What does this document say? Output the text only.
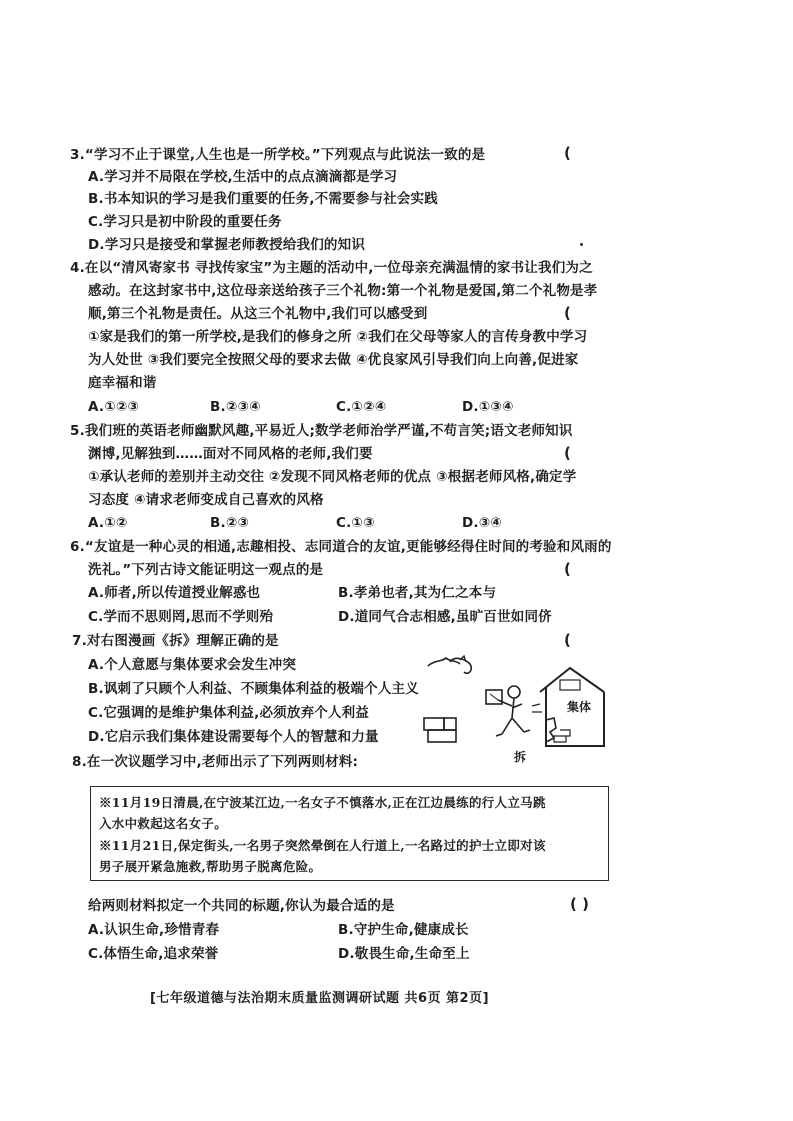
3.“学习不止于课堂,人生也是一所学校。”下列观点与此说法一致的是	(
A.学习并不局限在学校,生活中的点点滴滴都是学习
B.书本知识的学习是我们重要的任务,不需要参与社会实践
C.学习只是初中阶段的重要任务
D.学习只是接受和掌握老师教授给我们的知识
4.在以“清风寄家书 寻找传家宝”为主题的活动中,一位母亲充满温情的家书让我们为之
感动。在这封家书中,这位母亲送给孩子三个礼物:第一个礼物是爱国,第二个礼物是孝
顺,第三个礼物是责任。从这三个礼物中,我们可以感受到	(
①家是我们的第一所学校,是我们的修身之所 ②我们在父母等家人的言传身教中学习
为人处世 ③我们要完全按照父母的要求去做 ④优良家风引导我们向上向善,促进家
庭幸福和谐
A.①②③	B.②③④	C.①②④	D.①③④
5.我们班的英语老师幽默风趣,平易近人;数学老师治学严谨,不苟言笑;语文老师知识
渊博,见解独到……面对不同风格的老师,我们要	(
①承认老师的差别并主动交往 ②发现不同风格老师的优点 ③根据老师风格,确定学
习态度 ④请求老师变成自己喜欢的风格
A.①②	B.②③	C.①③	D.③④
6.“友谊是一种心灵的相通,志趣相投、志同道合的友谊,更能够经得住时间的考验和风雨的
洗礼。”下列古诗文能证明这一观点的是	(
A.师者,所以传道授业解惑也	B.孝弟也者,其为仁之本与
C.学而不思则罔,思而不学则殆	D.道同气合志相感,虽旷百世如同侪
7.对右图漫画《拆》理解正确的是	(
A.个人意愿与集体要求会发生冲突
B.讽刺了只顾个人利益、不顾集体利益的极端个人主义
C.它强调的是维护集体利益,必须放弃个人利益
D.它启示我们集体建设需要每个人的智慧和力量
集体
拆
8.在一次议题学习中,老师出示了下列两则材料:
※11月19日清晨,在宁波某江边,一名女子不慎落水,正在江边晨练的行人立马跳
入水中救起这名女子。
※11月21日,保定街头,一名男子突然晕倒在人行道上,一名路过的护士立即对该
男子展开紧急施救,帮助男子脱离危险。
给两则材料拟定一个共同的标题,你认为最合适的是	( )
A.认识生命,珍惜青春	B.守护生命,健康成长
C.体悟生命,追求荣誉	D.敬畏生命,生命至上
[七年级道德与法治期末质量监测调研试题 共6页 第2页]
